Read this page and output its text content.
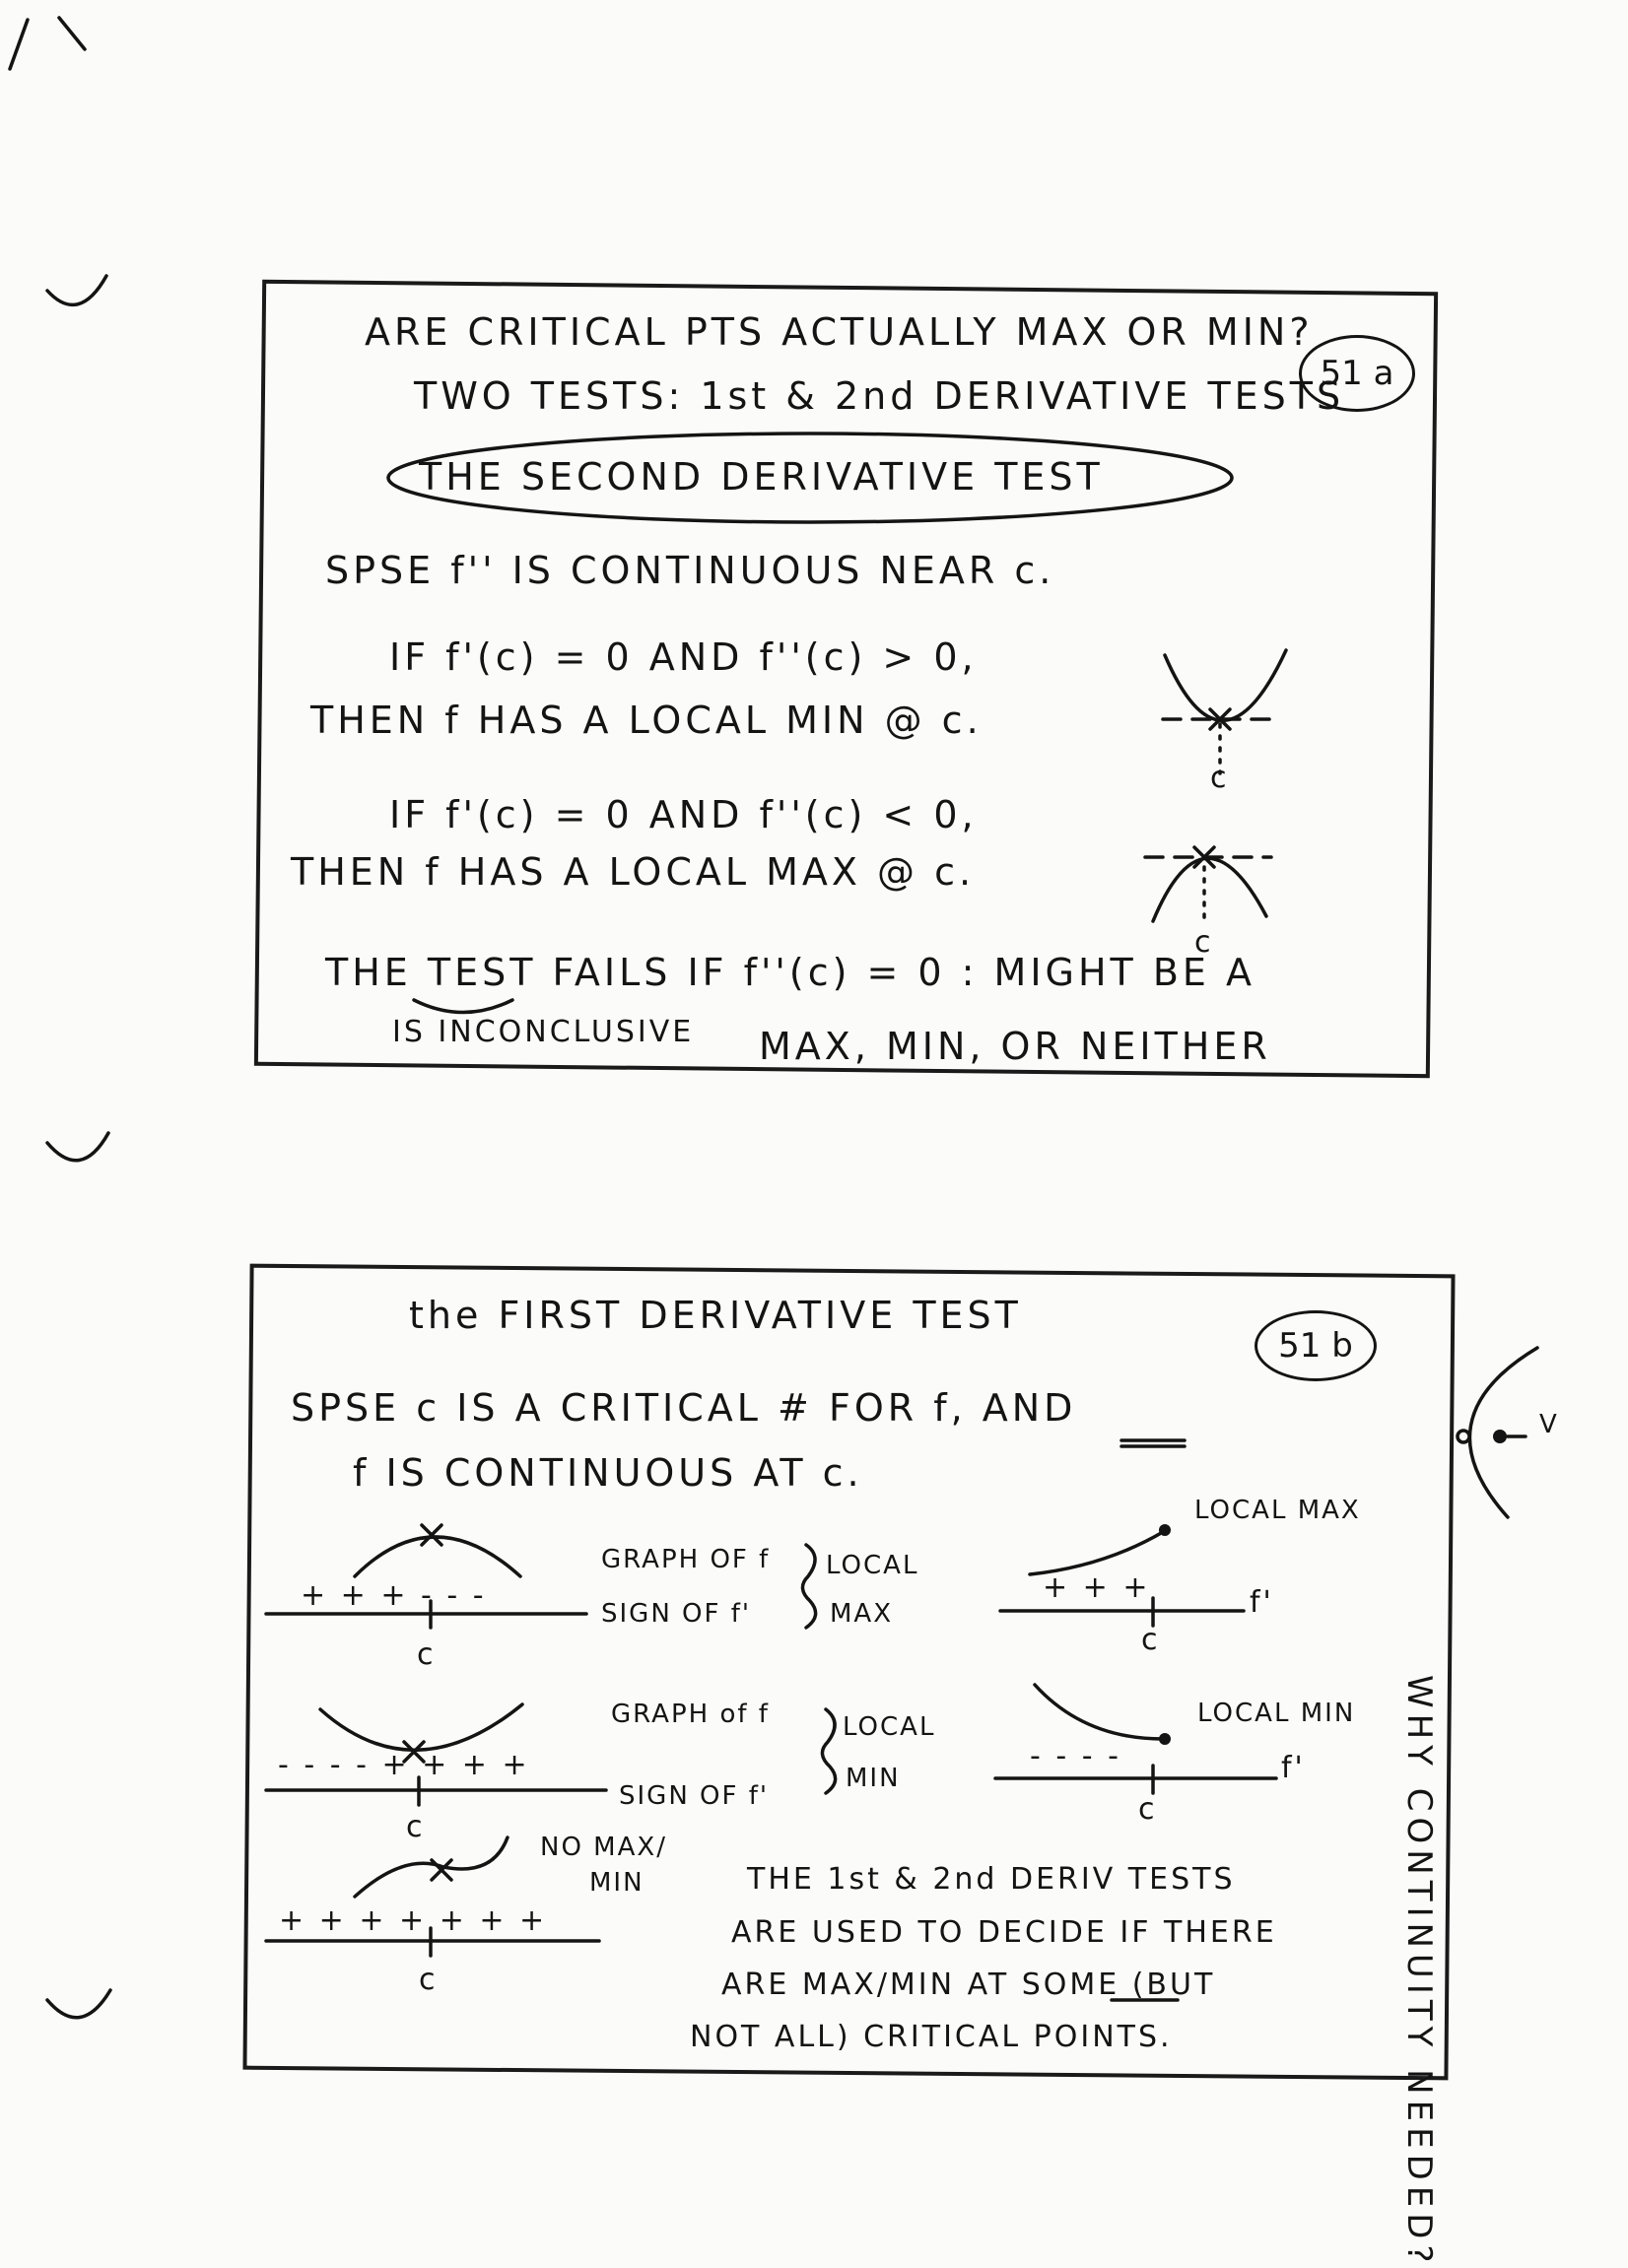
ARE CRITICAL PTS ACTUALLY MAX OR MIN?
TWO TESTS: 1st & 2nd DERIVATIVE TESTS
51 a
THE SECOND DERIVATIVE TEST
SPSE f'' IS CONTINUOUS NEAR c.
IF f'(c) = 0 AND f''(c) > 0,
THEN f HAS A LOCAL MIN @ c.
IF f'(c) = 0 AND f''(c) < 0,
THEN f HAS A LOCAL MAX @ c.
THE TEST FAILS IF f''(c) = 0 : MIGHT BE A
IS INCONCLUSIVE MAX, MIN, OR NEITHER
c
c
the FIRST DERIVATIVE TEST
51 b
SPSE c IS A CRITICAL # FOR f, AND
f IS CONTINUOUS AT c.
+ + + - - -
GRAPH OF f
SIGN OF f'
LOCAL
MAX
c
- - - - + + + +
GRAPH of f
SIGN OF f'
LOCAL
MIN
c
+ + + + + + +
NO MAX/
MIN
c
LOCAL MAX
+ + +	f'
c
LOCAL MIN
- - - -	f'
c
THE 1st & 2nd DERIV TESTS
ARE USED TO DECIDE IF THERE
ARE MAX/MIN AT SOME (BUT
NOT ALL) CRITICAL POINTS.	WHY CONTINUITY NEEDED?
V
